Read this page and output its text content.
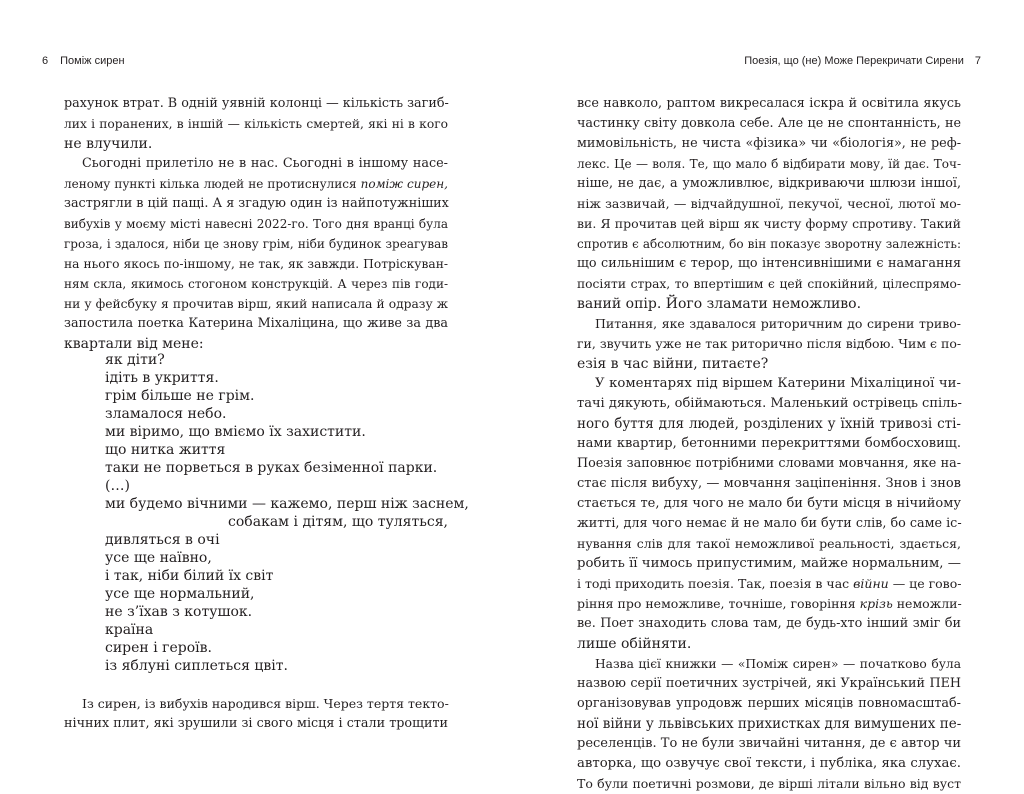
6 Поміж сирен
рахунок втрат. В одній уявній колонці — кількість загиб-
лих і поранених, в іншій — кількість смертей, які ні в кого
не влучили.
Сьогодні прилетіло не в нас. Сьогодні в іншому насе-
леному пункті кілька людей не протиснулися поміж сирен,
застрягли в цій пащі. А я згадую один із найпотужніших
вибухів у моєму місті навесні 2022-го. Того дня вранці була
гроза, і здалося, ніби це знову грім, ніби будинок зреагував
на нього якось по-іншому, не так, як завжди. Потріскуван-
ням скла, якимось стогоном конструкцій. А через пів годи-
ни у фейсбуку я прочитав вірш, який написала й одразу ж
запостила поетка Катерина Міхаліцина, що живе за два
квартали від мене:
як діти?
ідіть в укриття.
грім більше не грім.
зламалося небо.
ми віримо, що вміємо їх захистити.
що нитка життя
таки не порветься в руках безіменної парки.
(…)
ми будемо вічними — кажемо, перш ніж заснем,
собакам і дітям, що туляться,
дивляться в очі
усе ще наївно,
і так, ніби білий їх світ
усе ще нормальний,
не з’їхав з котушок.
країна
сирен і героїв.
із яблуні сиплеться цвіт.
Із сирен, із вибухів народився вірш. Через тертя текто-
нічних плит, які зрушили зі свого місця і стали трощити
Поезія, що (не) Може Перекричати Сирени 7
все навколо, раптом викресалася іскра й освітила якусь
частинку світу довкола себе. Але це не спонтанність, не
мимовільність, не чиста «фізика» чи «біологія», не реф-
лекс. Це — воля. Те, що мало б відбирати мову, їй дає. Точ-
ніше, не дає, а уможливлює, відкриваючи шлюзи іншої,
ніж зазвичай, — відчайдушної, пекучої, чесної, лютої мо-
ви. Я прочитав цей вірш як чисту форму спротиву. Такий
спротив є абсолютним, бо він показує зворотну залежність:
що сильнішим є терор, що інтенсивнішими є намагання
посіяти страх, то впертішим є цей спокійний, цілеспрямо-
ваний опір. Його зламати неможливо.
Питання, яке здавалося риторичним до сирени триво-
ги, звучить уже не так риторично після відбою. Чим є по-
езія в час війни, питаєте?
У коментарях під віршем Катерини Міхаліциної чи-
тачі дякують, обіймаються. Маленький острівець спіль-
ного буття для людей, розділених у їхній тривозі сті-
нами квартир, бетонними перекриттями бомбосховищ.
Поезія заповнює потрібними словами мовчання, яке на-
стає після вибуху, — мовчання заціпеніння. Знов і знов
стається те, для чого не мало би бути місця в нічийому
житті, для чого немає й не мало би бути слів, бо саме іс-
нування слів для такої неможливої реальності, здається,
робить її чимось припустимим, майже нормальним, —
і тоді приходить поезія. Так, поезія в час війни — це гово-
ріння про неможливе, точніше, говоріння крізь неможли-
ве. Поет знаходить слова там, де будь-хто інший зміг би
лише обійняти.
Назва цієї книжки — «Поміж сирен» — початково була
назвою серії поетичних зустрічей, які Український ПЕН
організовував упродовж перших місяців повномасштаб-
ної війни у львівських прихистках для вимушених пе-
реселенців. То не були звичайні читання, де є автор чи
авторка, що озвучує свої тексти, і публіка, яка слухає.
То були поетичні розмови, де вірші літали вільно від вуст
